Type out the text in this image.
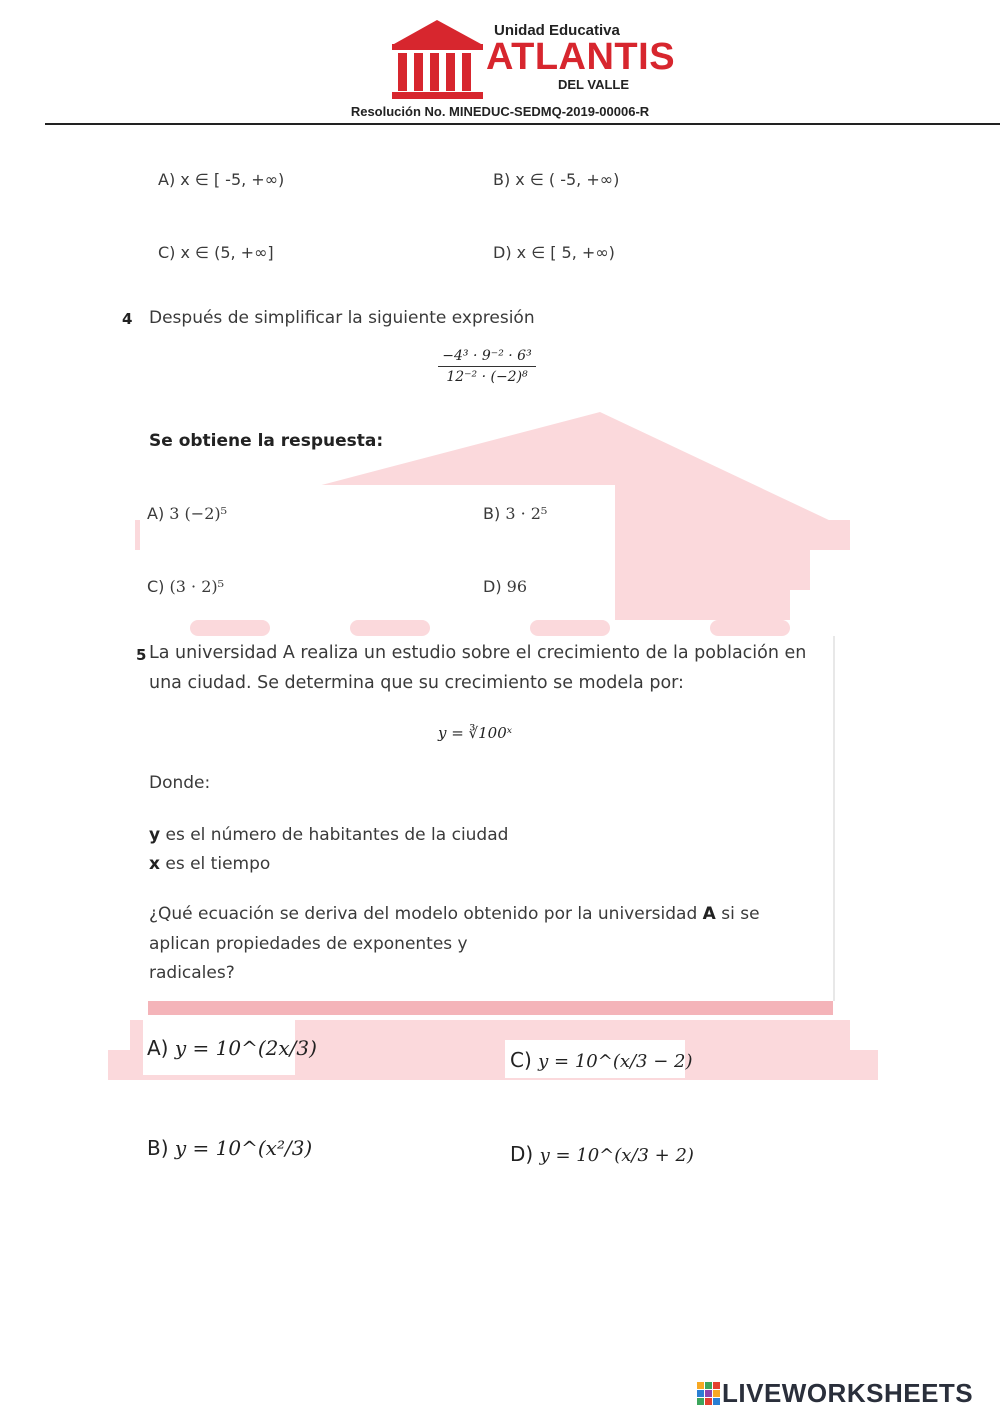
Unidad Educativa
ATLANTIS
DEL VALLE
Resolución No. MINEDUC-SEDMQ-2019-00006-R
A) x ∈ [ -5, +∞)	B) x ∈ ( -5, +∞)
C) x ∈ (5, +∞]	D) x ∈ [ 5, +∞)
4 Después de simplificar la siguiente expresión
$\frac{\text{−4³ · 9⁻² · 6³}}{\text{12⁻² · (−2)⁸}}$
Se obtiene la respuesta:
A) 3 (−2)⁵	B) 3 · 2⁵
C) (3 · 2)⁵	D) 96
5 La universidad A realiza un estudio sobre el crecimiento de la población en
una ciudad. Se determina que su crecimiento se modela por:
y = ∛100ˣ
Donde:
y es el número de habitantes de la ciudad
x es el tiempo
¿Qué ecuación se deriva del modelo obtenido por la universidad A si se
aplican propiedades de exponentes y
radicales?
A) y = 10^(2x/3)	C) y = 10^(x/3 − 2)
B) y = 10^(x²/3)	D) y = 10^(x/3 + 2)
LIVEWORKSHEETS
